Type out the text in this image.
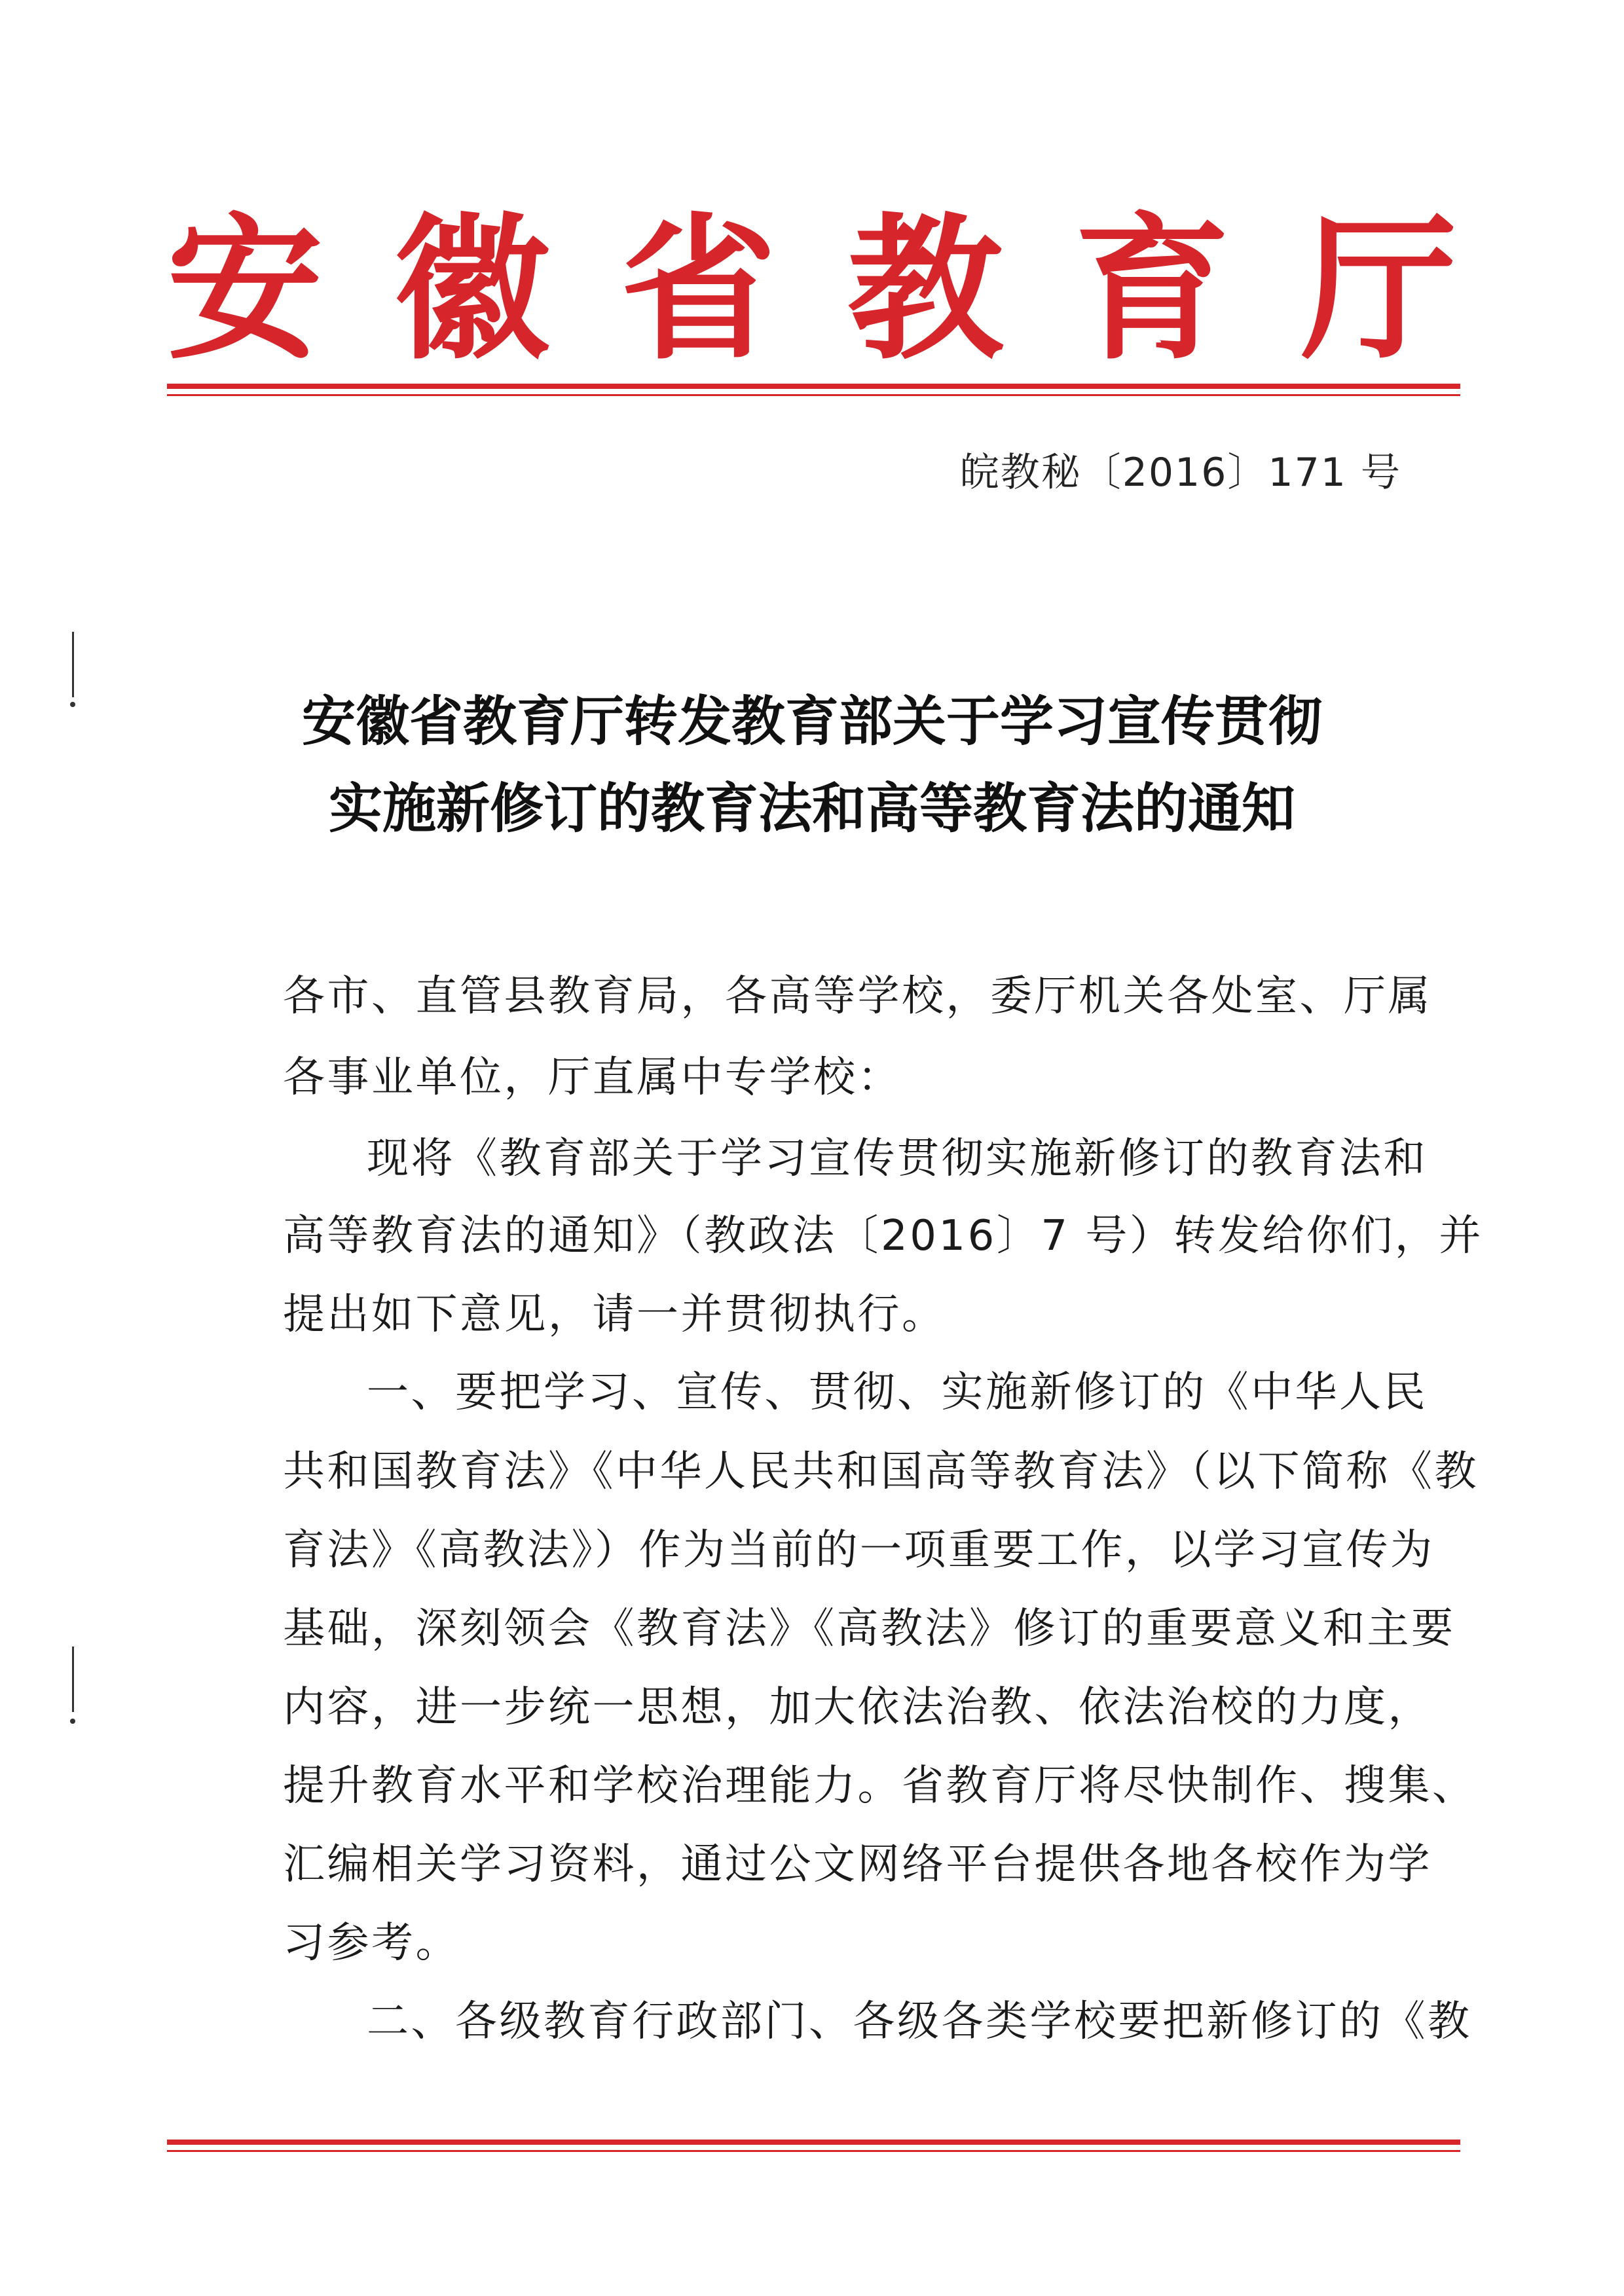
安 徽 省 教 育 厅
皖教秘〔2016〕171 号
安徽省教育厅转发教育部关于学习宣传贯彻
实施新修订的教育法和高等教育法的通知
各市、直管县教育局，各高等学校，委厅机关各处室、厅属
各事业单位，厅直属中专学校：
现将《教育部关于学习宣传贯彻实施新修订的教育法和
高等教育法的通知》（教政法〔2016〕7 号）转发给你们，并
提出如下意见，请一并贯彻执行。
一、要把学习、宣传、贯彻、实施新修订的《中华人民
共和国教育法》《中华人民共和国高等教育法》（以下简称《教
育法》《高教法》）作为当前的一项重要工作，以学习宣传为
基础，深刻领会《教育法》《高教法》修订的重要意义和主要
内容，进一步统一思想，加大依法治教、依法治校的力度，
提升教育水平和学校治理能力。省教育厅将尽快制作、搜集、
汇编相关学习资料，通过公文网络平台提供各地各校作为学
习参考。
二、各级教育行政部门、各级各类学校要把新修订的《教
